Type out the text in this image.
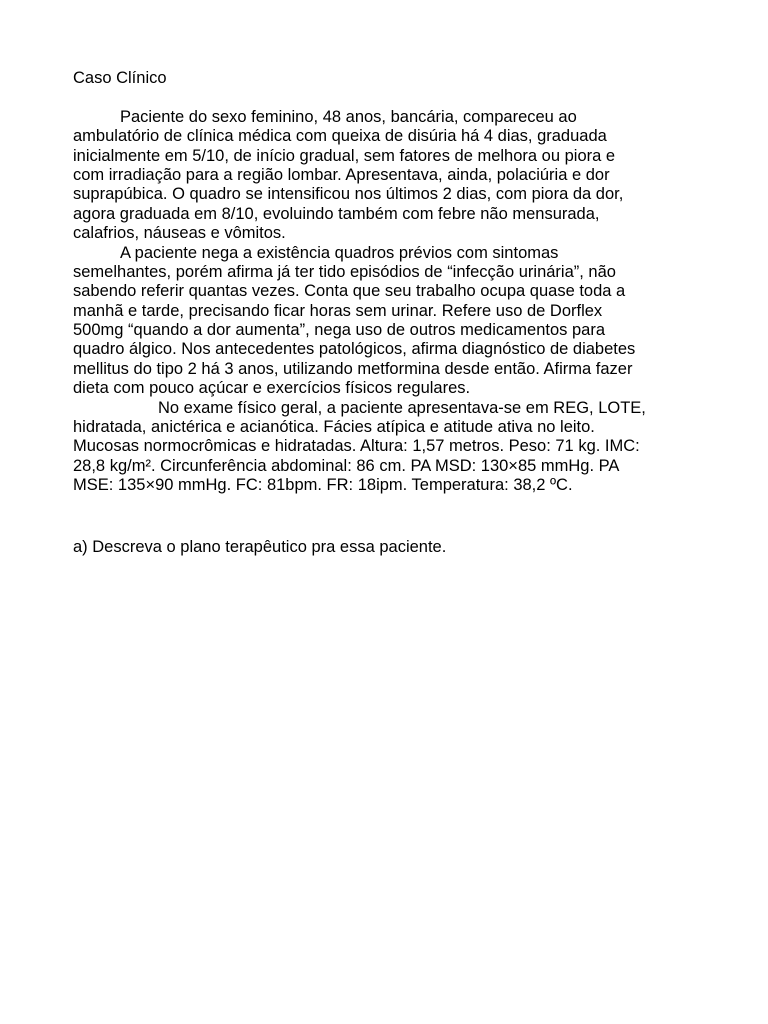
Caso Clínico

Paciente do sexo feminino, 48 anos, bancária, compareceu ao

ambulatório de clínica médica com queixa de disúria há 4 dias, graduada

inicialmente em 5/10, de início gradual, sem fatores de melhora ou piora e

com irradiação para a região lombar. Apresentava, ainda, polaciúria e dor

suprapúbica. O quadro se intensificou nos últimos 2 dias, com piora da dor,

agora graduada em 8/10, evoluindo também com febre não mensurada,

calafrios, náuseas e vômitos.

A paciente nega a existência quadros prévios com sintomas

semelhantes, porém afirma já ter tido episódios de “infecção urinária”, não

sabendo referir quantas vezes. Conta que seu trabalho ocupa quase toda a

manhã e tarde, precisando ficar horas sem urinar. Refere uso de Dorflex

500mg “quando a dor aumenta”, nega uso de outros medicamentos para

quadro álgico. Nos antecedentes patológicos, afirma diagnóstico de diabetes

mellitus do tipo 2 há 3 anos, utilizando metformina desde então. Afirma fazer

dieta com pouco açúcar e exercícios físicos regulares.

No exame físico geral, a paciente apresentava-se em REG, LOTE,

hidratada, anictérica e acianótica. Fácies atípica e atitude ativa no leito.

Mucosas normocrômicas e hidratadas. Altura: 1,57 metros. Peso: 71 kg. IMC:

28,8 kg/m². Circunferência abdominal: 86 cm. PA MSD: 130×85 mmHg. PA

MSE: 135×90 mmHg. FC: 81bpm. FR: 18ipm. Temperatura: 38,2 ºC.

a) Descreva o plano terapêutico pra essa paciente.
